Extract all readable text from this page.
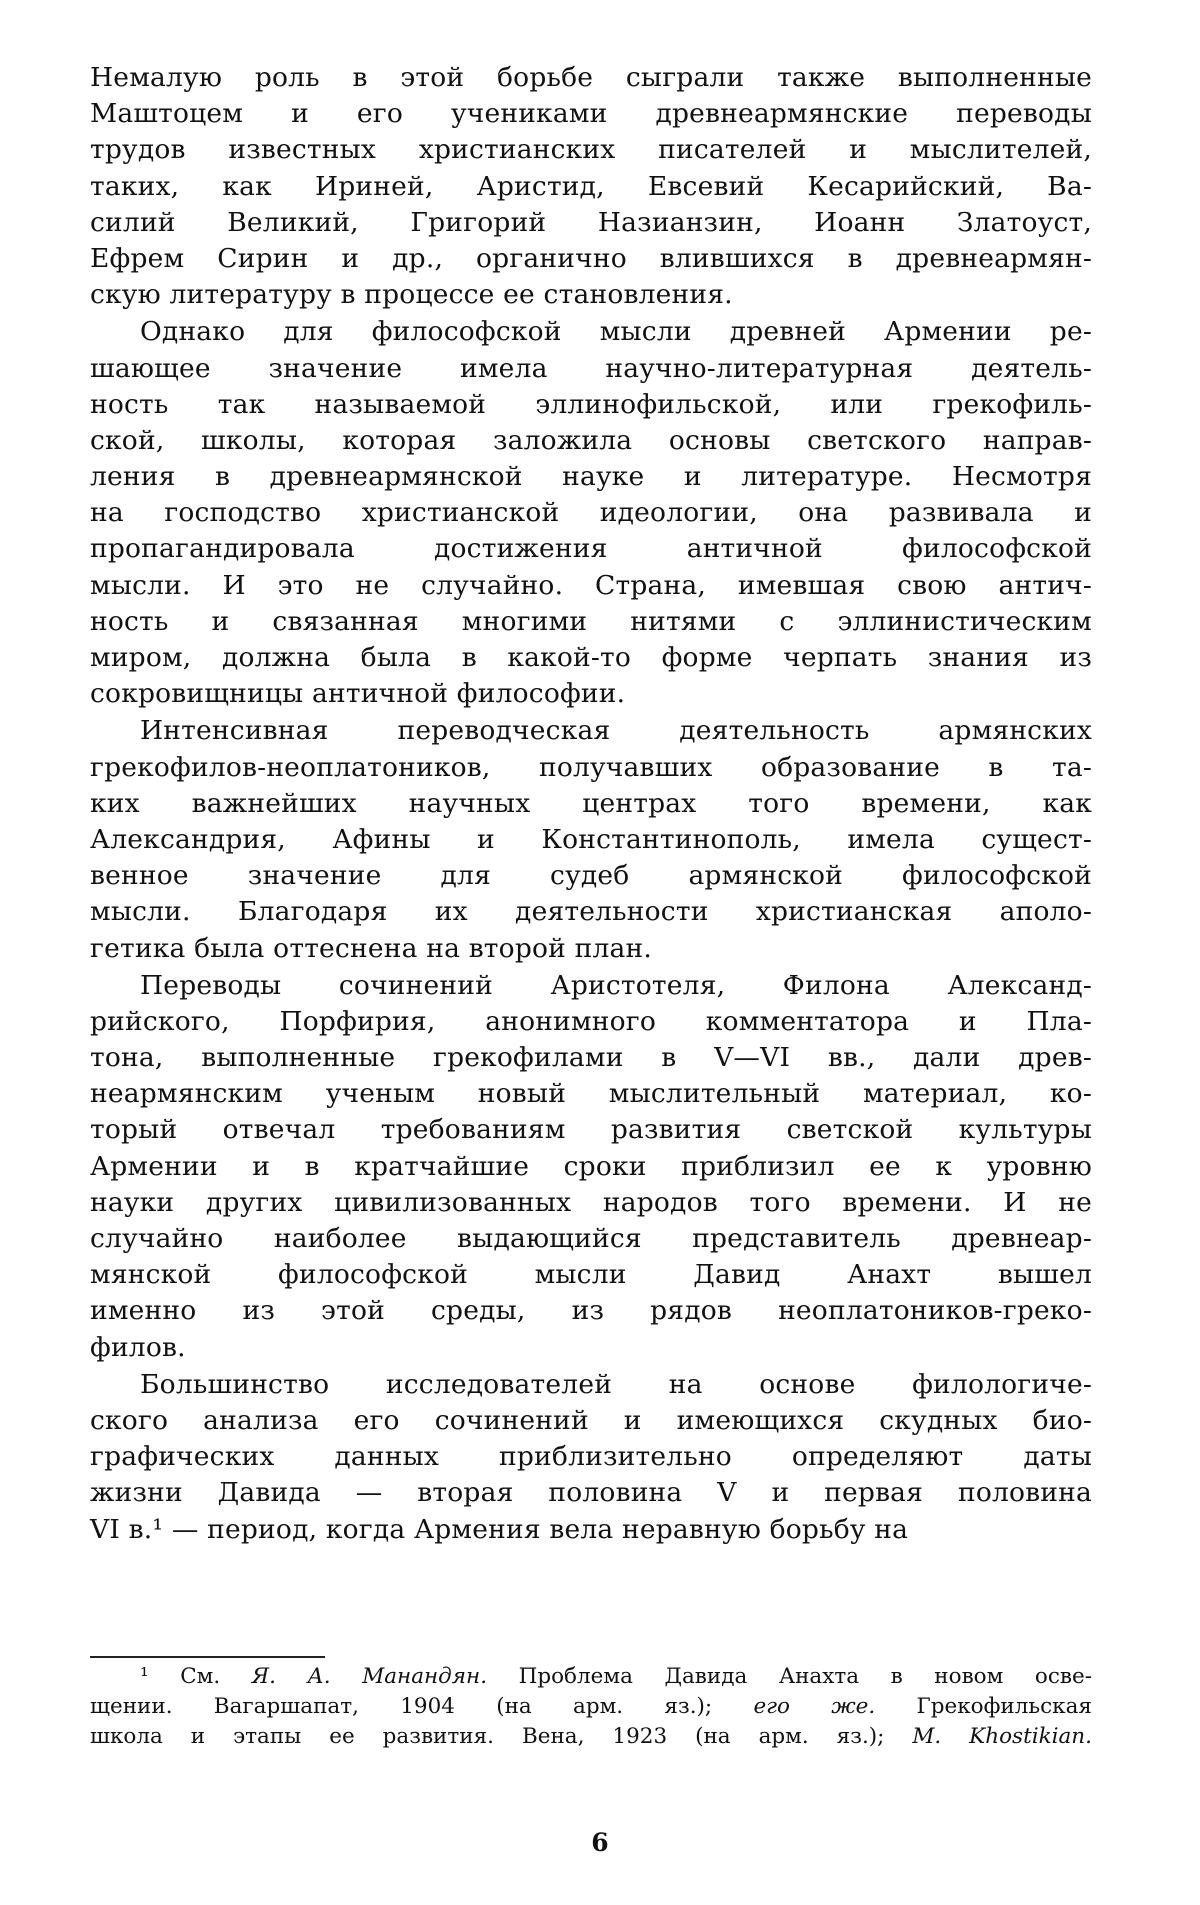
Немалую роль в этой борьбе сыграли также выполненные
Маштоцем и его учениками древнеармянские переводы
трудов известных христианских писателей и мыслителей,
таких, как Ириней, Аристид, Евсевий Кесарийский, Ва-
силий Великий, Григорий Назианзин, Иоанн Златоуст,
Ефрем Сирин и др., органично влившихся в древнеармян-
скую литературу в процессе ее становления.
Однако для философской мысли древней Армении ре-
шающее значение имела научно-литературная деятель-
ность так называемой эллинофильской, или грекофиль-
ской, школы, которая заложила основы светского направ-
ления в древнеармянской науке и литературе. Несмотря
на господство христианской идеологии, она развивала и
пропагандировала достижения античной философской
мысли. И это не случайно. Страна, имевшая свою антич-
ность и связанная многими нитями с эллинистическим
миром, должна была в какой-то форме черпать знания из
сокровищницы античной философии.
Интенсивная переводческая деятельность армянских
грекофилов-неоплатоников, получавших образование в та-
ких важнейших научных центрах того времени, как
Александрия, Афины и Константинополь, имела сущест-
венное значение для судеб армянской философской
мысли. Благодаря их деятельности христианская аполо-
гетика была оттеснена на второй план.
Переводы сочинений Аристотеля, Филона Александ-
рийского, Порфирия, анонимного комментатора и Пла-
тона, выполненные грекофилами в V—VI вв., дали древ-
неармянским ученым новый мыслительный материал, ко-
торый отвечал требованиям развития светской культуры
Армении и в кратчайшие сроки приблизил ее к уровню
науки других цивилизованных народов того времени. И не
случайно наиболее выдающийся представитель древнеар-
мянской философской мысли Давид Анахт вышел
именно из этой среды, из рядов неоплатоников-греко-
филов.
Большинство исследователей на основе филологиче-
ского анализа его сочинений и имеющихся скудных био-
графических данных приблизительно определяют даты
жизни Давида — вторая половина V и первая половина
VI в.¹ — период, когда Армения вела неравную борьбу на
¹ См. Я. А. Манандян. Проблема Давида Анахта в новом осве-
щении. Вагаршапат, 1904 (на арм. яз.); его же. Грекофильская
школа и этапы ее развития. Вена, 1923 (на арм. яз.); M. Khostikian.
6
